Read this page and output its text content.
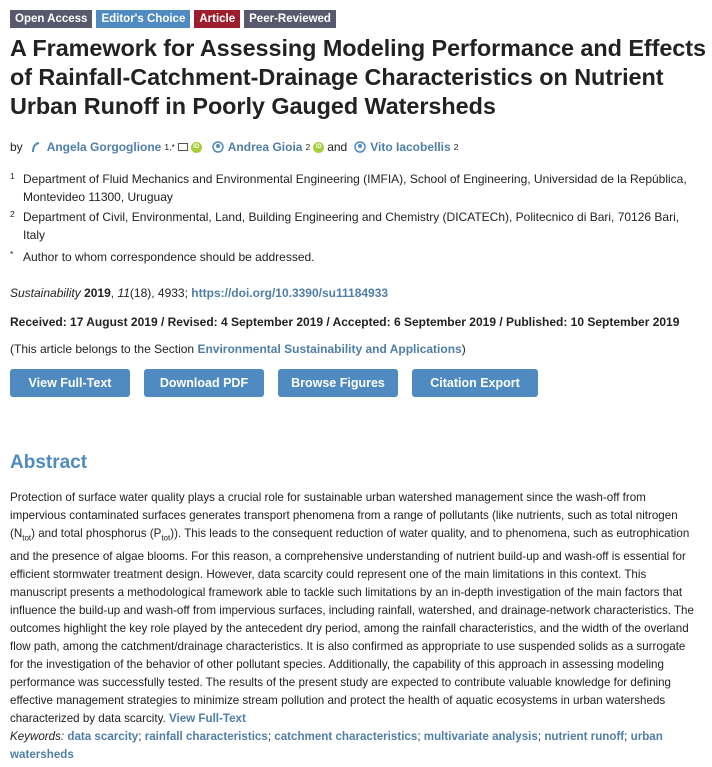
Open Access	Editor's Choice	Article	Peer-Reviewed
A Framework for Assessing Modeling Performance and Effects of Rainfall-Catchment-Drainage Characteristics on Nutrient Urban Runoff in Poorly Gauged Watersheds
by Angela Gorgoglione 1,*	iD Andrea Gioia 2 iD and Vito Iacobellis 2
1 Department of Fluid Mechanics and Environmental Engineering (IMFIA), School of Engineering, Universidad de la República, Montevideo 11300, Uruguay
2 Department of Civil, Environmental, Land, Building Engineering and Chemistry (DICATECh), Politecnico di Bari, 70126 Bari, Italy
* Author to whom correspondence should be addressed.
Sustainability 2019, 11(18), 4933; https://doi.org/10.3390/su11184933
Received: 17 August 2019 / Revised: 4 September 2019 / Accepted: 6 September 2019 / Published: 10 September 2019
(This article belongs to the Section Environmental Sustainability and Applications)
View Full-Text	Download PDF	Browse Figures	Citation Export
Abstract

Protection of surface water quality plays a crucial role for sustainable urban watershed management since the wash-off from impervious contaminated surfaces generates transport phenomena from a range of pollutants (like nutrients, such as total nitrogen $(N_{tot})$ and total phosphorus $(P_{tot})$). This leads to the consequent reduction of water quality, and to phenomena, such as eutrophication and the presence of algae blooms. For this reason, a comprehensive understanding of nutrient build-up and wash-off is essential for efficient stormwater treatment design. However, data scarcity could represent one of the main limitations in this context. This manuscript presents a methodological framework able to tackle such limitations by an in-depth investigation of the main factors that influence the build-up and wash-off from impervious surfaces, including rainfall, watershed, and drainage-network characteristics. The outcomes highlight the key role played by the antecedent dry period, among the rainfall characteristics, and the width of the overland flow path, among the catchment/drainage characteristics. It is also confirmed as appropriate to use suspended solids as a surrogate for the investigation of the behavior of other pollutant species. Additionally, the capability of this approach in assessing modeling performance was successfully tested. The results of the present study are expected to contribute valuable knowledge for defining effective management strategies to minimize stream pollution and protect the health of aquatic ecosystems in urban watersheds characterized by data scarcity. View Full-Text

Keywords: data scarcity; rainfall characteristics; catchment characteristics; multivariate analysis; nutrient runoff; urban watersheds
